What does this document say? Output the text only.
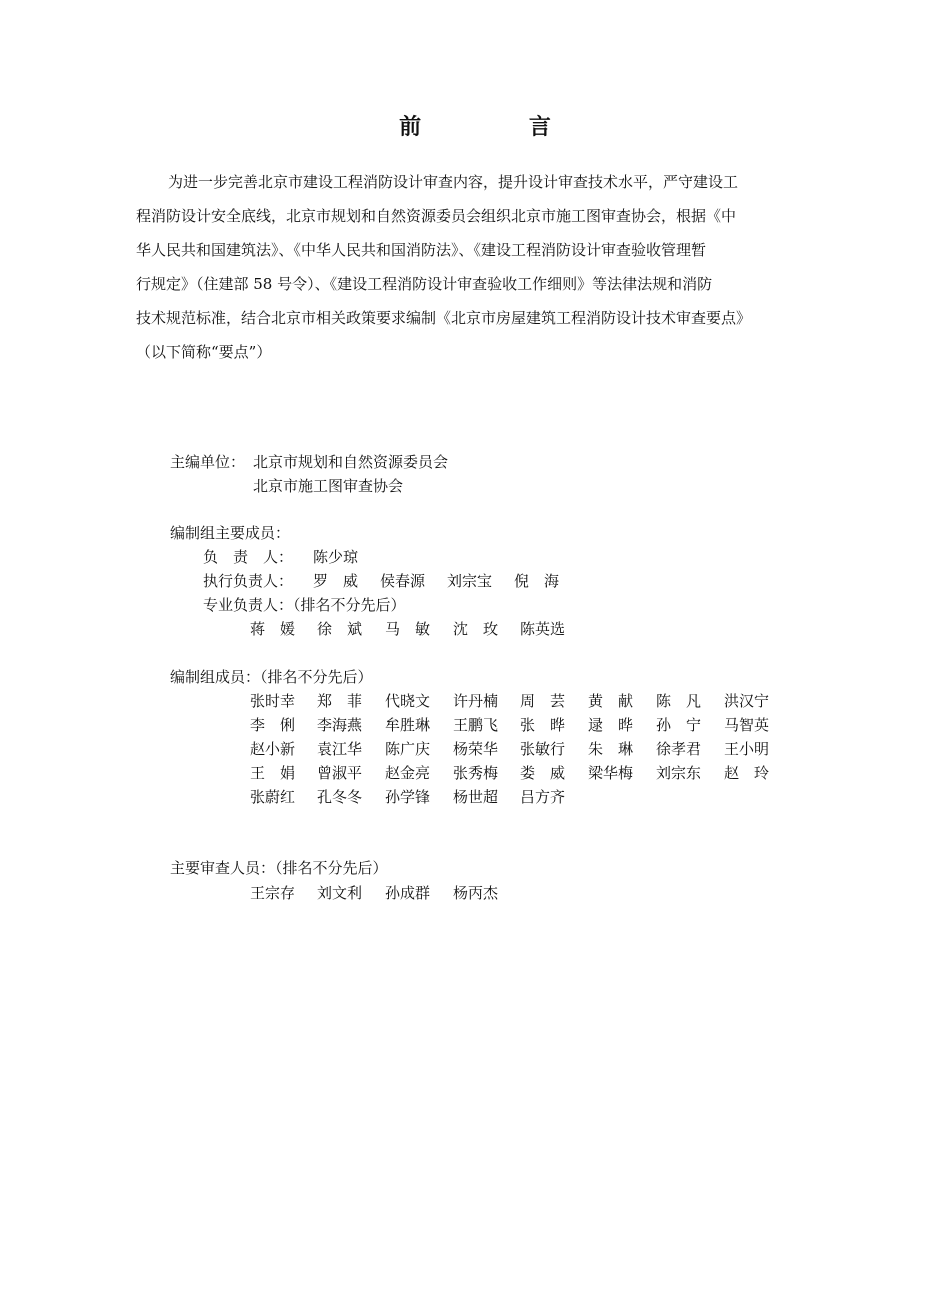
前 言
为进一步完善北京市建设工程消防设计审查内容，提升设计审查技术水平，严守建设工
程消防设计安全底线，北京市规划和自然资源委员会组织北京市施工图审查协会，根据《中
华人民共和国建筑法》、《中华人民共和国消防法》、《建设工程消防设计审查验收管理暂
行规定》（住建部 58 号令）、《建设工程消防设计审查验收工作细则》等法律法规和消防
技术规范标准，结合北京市相关政策要求编制《北京市房屋建筑工程消防设计技术审查要点》
（以下简称“要点”）
主编单位： 北京市规划和自然资源委员会
北京市施工图审查协会
编制组主要成员：
负　责　人： 陈少琼
执行负责人： 罗　威 侯春源 刘宗宝 倪　海
专业负责人：（排名不分先后）
蒋　媛 徐　斌 马　敏 沈　玫 陈英选
编制组成员：（排名不分先后）
张时幸 郑　菲 代晓文 许丹楠 周　芸 黄　献 陈　凡 洪汉宁
李　俐 李海燕 牟胜琳 王鹏飞 张　晔 逯　晔 孙　宁 马智英
赵小新 袁江华 陈广庆 杨荣华 张敏行 朱　琳 徐孝君 王小明
王　娟 曾淑平 赵金亮 张秀梅 娄　威 梁华梅 刘宗东 赵　玲
张蔚红 孔冬冬 孙学锋 杨世超 吕方齐
主要审查人员：（排名不分先后）
王宗存 刘文利 孙成群 杨丙杰
